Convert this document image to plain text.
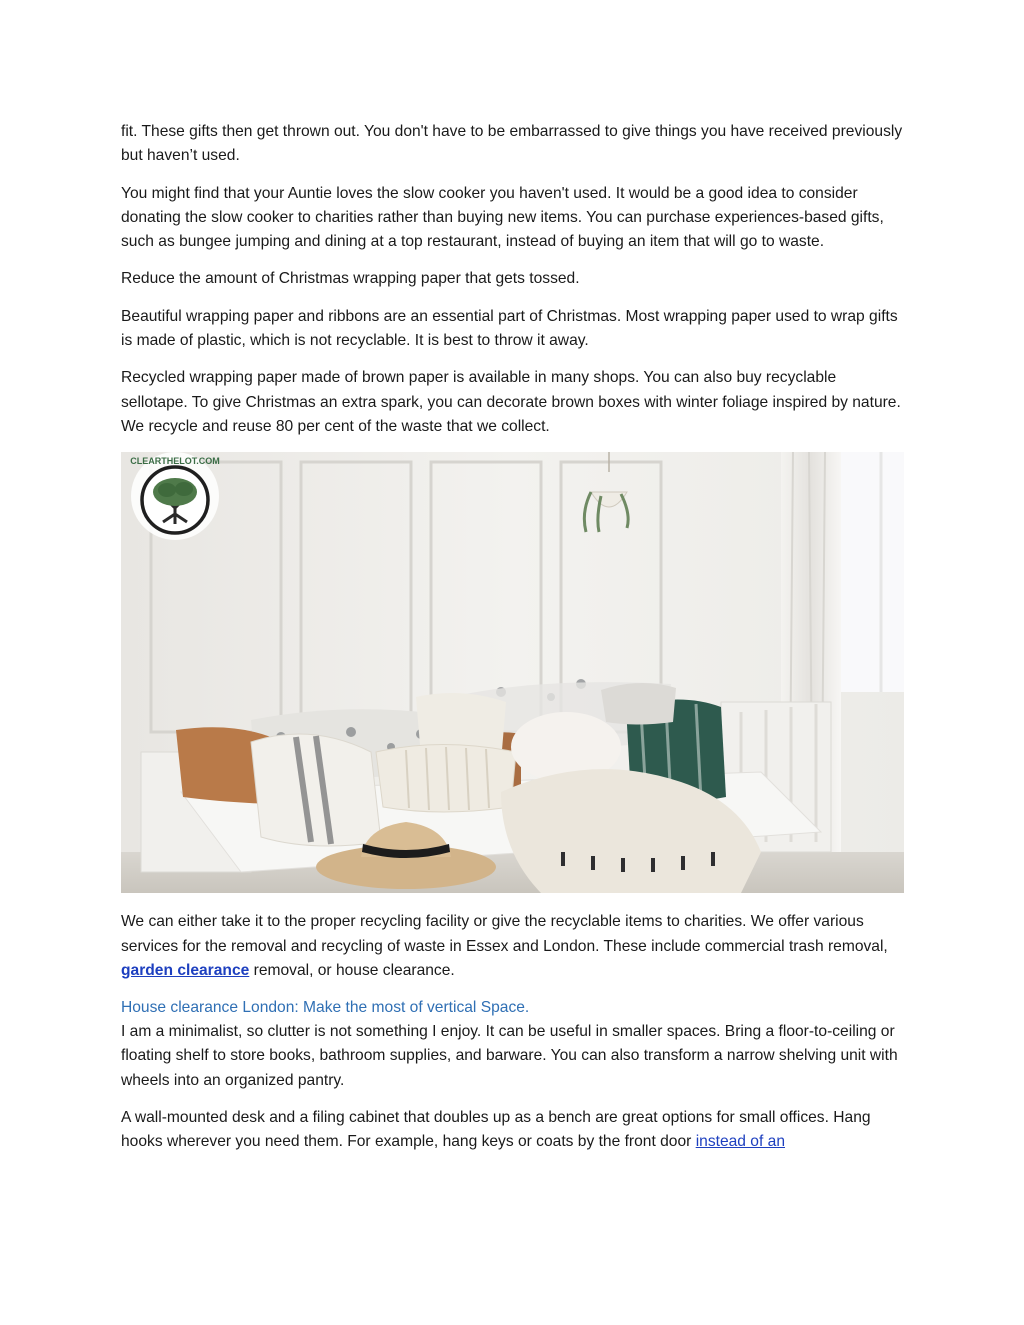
fit. These gifts then get thrown out. You don't have to be embarrassed to give things you have received previously but haven’t used.

You might find that your Auntie loves the slow cooker you haven't used. It would be a good idea to consider donating the slow cooker to charities rather than buying new items. You can purchase experiences-based gifts, such as bungee jumping and dining at a top restaurant, instead of buying an item that will go to waste.

Reduce the amount of Christmas wrapping paper that gets tossed.

Beautiful wrapping paper and ribbons are an essential part of Christmas. Most wrapping paper used to wrap gifts is made of plastic, which is not recyclable. It is best to throw it away.

Recycled wrapping paper made of brown paper is available in many shops. You can also buy recyclable sellotape. To give Christmas an extra spark, you can decorate brown boxes with winter foliage inspired by nature. We recycle and reuse 80 per cent of the waste that we collect.

CLEARTHELOT.COM

We can either take it to the proper recycling facility or give the recyclable items to charities. We offer various services for the removal and recycling of waste in Essex and London. These include commercial trash removal, garden clearance removal, or house clearance.

House clearance London: Make the most of vertical Space.

I am a minimalist, so clutter is not something I enjoy. It can be useful in smaller spaces. Bring a floor-to-ceiling or floating shelf to store books, bathroom supplies, and barware. You can also transform a narrow shelving unit with wheels into an organized pantry.

A wall-mounted desk and a filing cabinet that doubles up as a bench are great options for small offices. Hang hooks wherever you need them. For example, hang keys or coats by the front door instead of an
